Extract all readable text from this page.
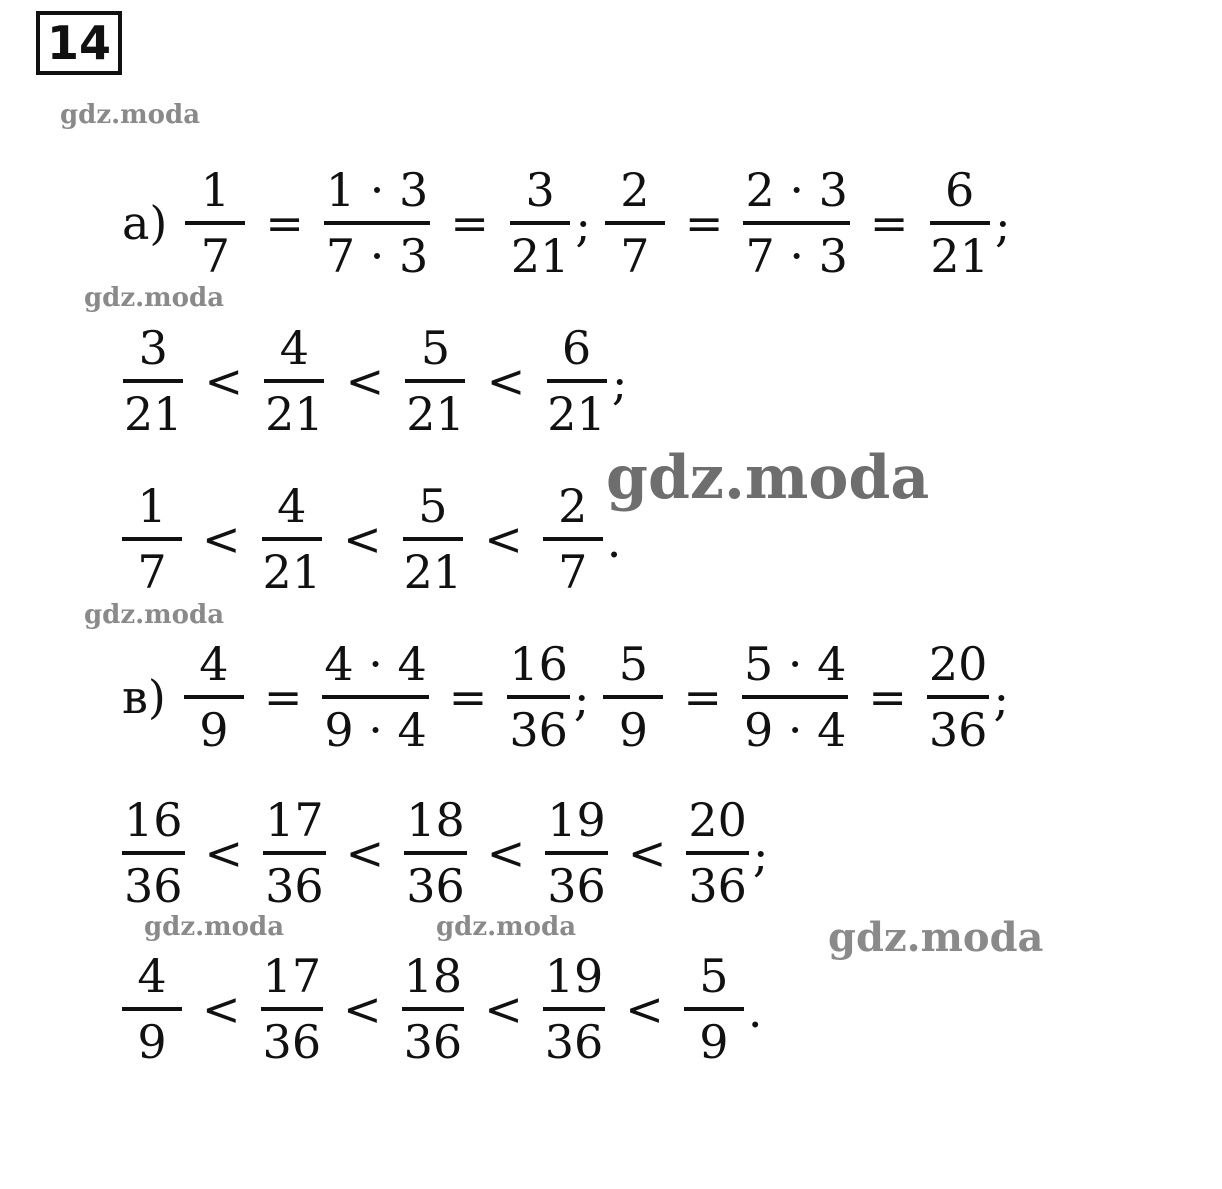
14
gdz.moda
gdz.moda
gdz.moda
gdz.moda
gdz.moda	gdz.moda	gdz.moda
$а) \frac{1}{7} = \frac{1 \cdot 3}{7 \cdot 3} = \frac{3}{21}$ ; $\frac{2}{7} = \frac{2 \cdot 3}{7 \cdot 3} = \frac{6}{21}$ ;
$\frac{3}{21} < \frac{4}{21} < \frac{5}{21} < \frac{6}{21}$ ;
$\frac{1}{7} < \frac{4}{21} < \frac{5}{21} < \frac{2}{7}$ .
$в) \frac{4}{9} = \frac{4 \cdot 4}{9 \cdot 4} = \frac{16}{36}$ ; $\frac{5}{9} = \frac{5 \cdot 4}{9 \cdot 4} = \frac{20}{36}$ ;
$\frac{16}{36} < \frac{17}{36} < \frac{18}{36} < \frac{19}{36} < \frac{20}{36}$ ;
$\frac{4}{9} < \frac{17}{36} < \frac{18}{36} < \frac{19}{36} < \frac{5}{9}$ .
